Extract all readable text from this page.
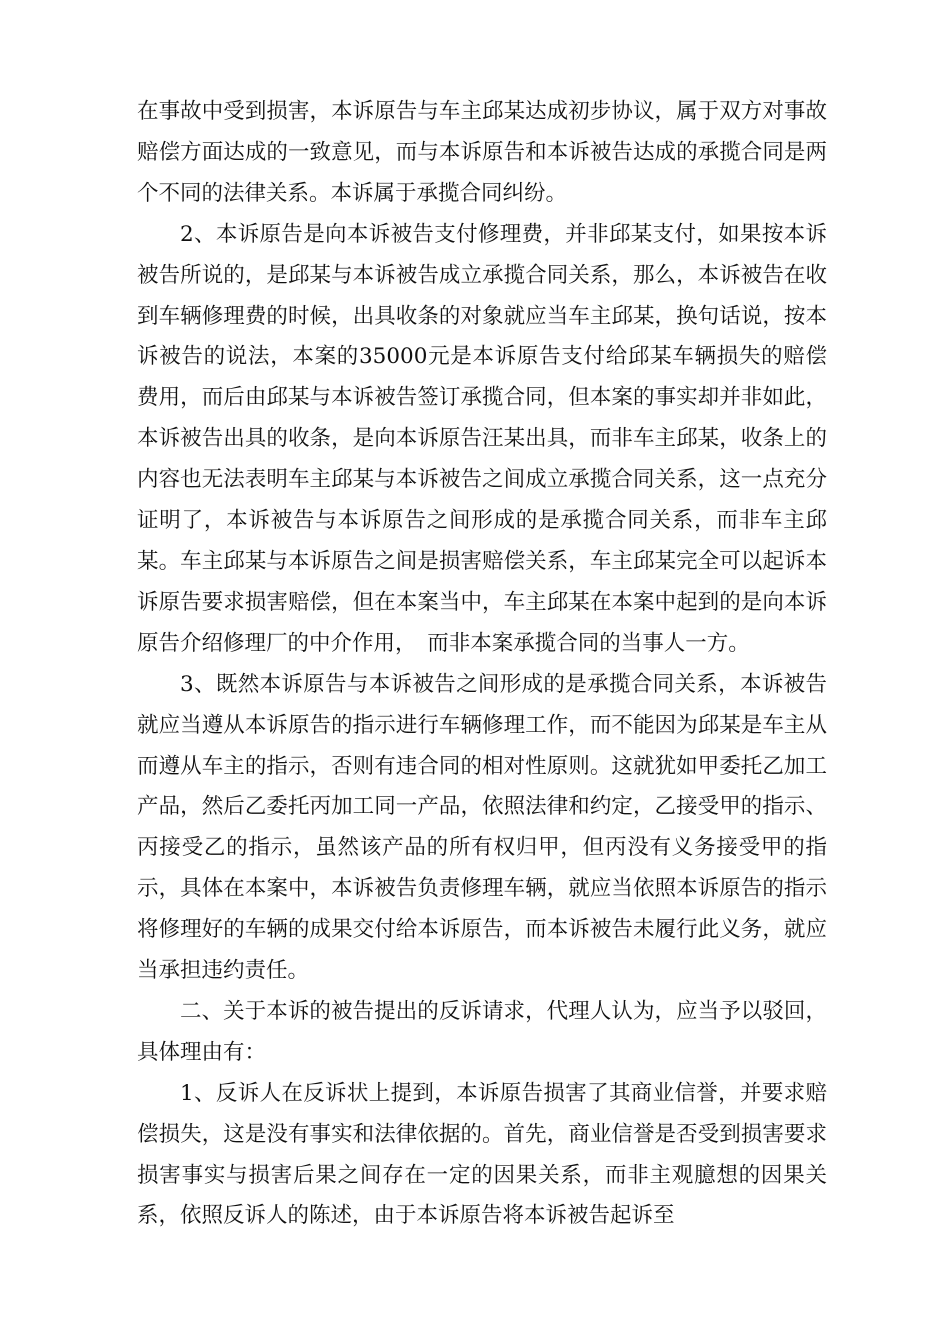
在事故中受到损害，本诉原告与车主邱某达成初步协议，属于双方对事故赔偿方面达成的一致意见，而与本诉原告和本诉被告达成的承揽合同是两个不同的法律关系。本诉属于承揽合同纠纷。

2、本诉原告是向本诉被告支付修理费，并非邱某支付，如果按本诉被告所说的，是邱某与本诉被告成立承揽合同关系，那么，本诉被告在收到车辆修理费的时候，出具收条的对象就应当车主邱某，换句话说，按本诉被告的说法，本案的35000元是本诉原告支付给邱某车辆损失的赔偿费用，而后由邱某与本诉被告签订承揽合同，但本案的事实却并非如此，本诉被告出具的收条，是向本诉原告汪某出具，而非车主邱某，收条上的内容也无法表明车主邱某与本诉被告之间成立承揽合同关系，这一点充分证明了，本诉被告与本诉原告之间形成的是承揽合同关系，而非车主邱某。车主邱某与本诉原告之间是损害赔偿关系，车主邱某完全可以起诉本诉原告要求损害赔偿，但在本案当中，车主邱某在本案中起到的是向本诉原告介绍修理厂的中介作用，　而非本案承揽合同的当事人一方。

3、既然本诉原告与本诉被告之间形成的是承揽合同关系，本诉被告就应当遵从本诉原告的指示进行车辆修理工作，而不能因为邱某是车主从而遵从车主的指示，否则有违合同的相对性原则。这就犹如甲委托乙加工产品，然后乙委托丙加工同一产品，依照法律和约定，乙接受甲的指示、丙接受乙的指示，虽然该产品的所有权归甲，但丙没有义务接受甲的指示，具体在本案中，本诉被告负责修理车辆，就应当依照本诉原告的指示将修理好的车辆的成果交付给本诉原告，而本诉被告未履行此义务，就应当承担违约责任。

二、关于本诉的被告提出的反诉请求，代理人认为，应当予以驳回，具体理由有：

1、反诉人在反诉状上提到，本诉原告损害了其商业信誉，并要求赔偿损失，这是没有事实和法律依据的。首先，商业信誉是否受到损害要求损害事实与损害后果之间存在一定的因果关系，而非主观臆想的因果关系，依照反诉人的陈述，由于本诉原告将本诉被告起诉至
